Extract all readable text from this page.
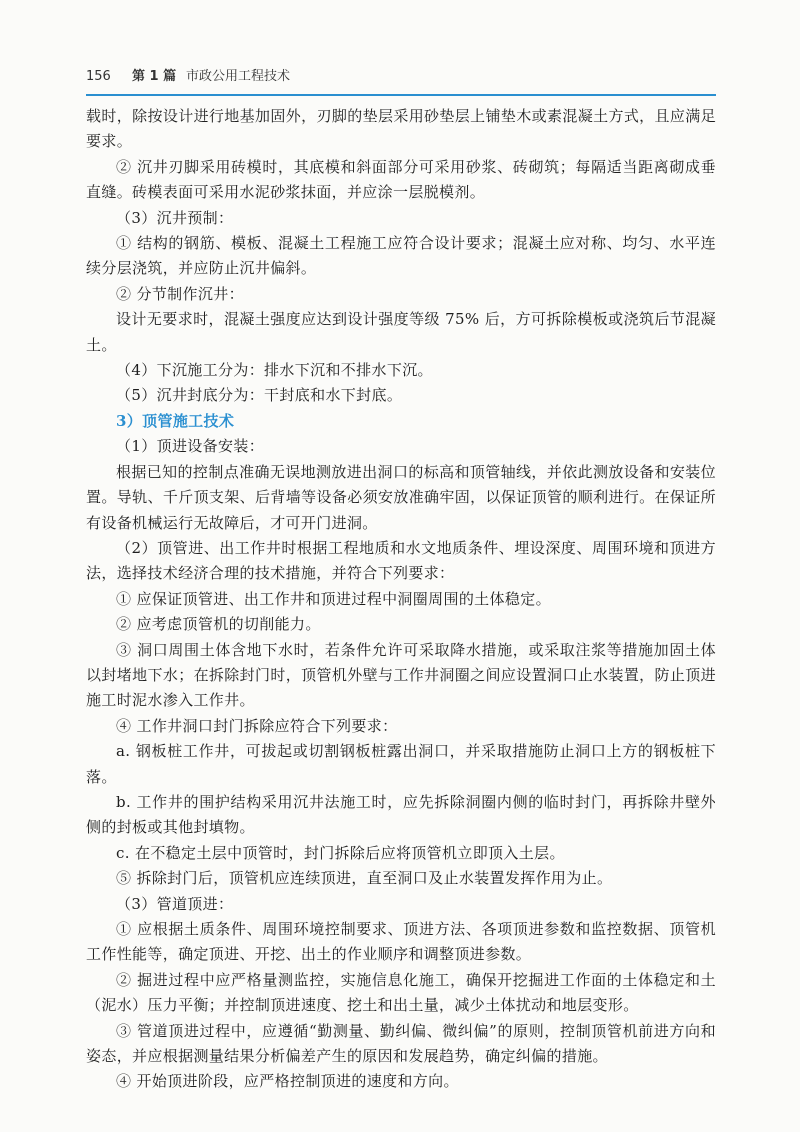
156 第 1 篇 市政公用工程技术

载时，除按设计进行地基加固外，刃脚的垫层采用砂垫层上铺垫木或素混凝土方式，且应满足要求。

② 沉井刃脚采用砖模时，其底模和斜面部分可采用砂浆、砖砌筑；每隔适当距离砌成垂直缝。砖模表面可采用水泥砂浆抹面，并应涂一层脱模剂。

（3）沉井预制：

① 结构的钢筋、模板、混凝土工程施工应符合设计要求；混凝土应对称、均匀、水平连续分层浇筑，并应防止沉井偏斜。

② 分节制作沉井：

设计无要求时，混凝土强度应达到设计强度等级 75% 后，方可拆除模板或浇筑后节混凝土。

（4）下沉施工分为：排水下沉和不排水下沉。

（5）沉井封底分为：干封底和水下封底。

3）顶管施工技术

（1）顶进设备安装：

根据已知的控制点准确无误地测放进出洞口的标高和顶管轴线，并依此测放设备和安装位置。导轨、千斤顶支架、后背墙等设备必须安放准确牢固，以保证顶管的顺利进行。在保证所有设备机械运行无故障后，才可开门进洞。

（2）顶管进、出工作井时根据工程地质和水文地质条件、埋设深度、周围环境和顶进方法，选择技术经济合理的技术措施，并符合下列要求：

① 应保证顶管进、出工作井和顶进过程中洞圈周围的土体稳定。

② 应考虑顶管机的切削能力。

③ 洞口周围土体含地下水时，若条件允许可采取降水措施，或采取注浆等措施加固土体以封堵地下水；在拆除封门时，顶管机外壁与工作井洞圈之间应设置洞口止水装置，防止顶进施工时泥水渗入工作井。

④ 工作井洞口封门拆除应符合下列要求：

a. 钢板桩工作井，可拔起或切割钢板桩露出洞口，并采取措施防止洞口上方的钢板桩下落。

b. 工作井的围护结构采用沉井法施工时，应先拆除洞圈内侧的临时封门，再拆除井壁外侧的封板或其他封填物。

c. 在不稳定土层中顶管时，封门拆除后应将顶管机立即顶入土层。

⑤ 拆除封门后，顶管机应连续顶进，直至洞口及止水装置发挥作用为止。

（3）管道顶进：

① 应根据土质条件、周围环境控制要求、顶进方法、各项顶进参数和监控数据、顶管机工作性能等，确定顶进、开挖、出土的作业顺序和调整顶进参数。

② 掘进过程中应严格量测监控，实施信息化施工，确保开挖掘进工作面的土体稳定和土（泥水）压力平衡；并控制顶进速度、挖土和出土量，减少土体扰动和地层变形。

③ 管道顶进过程中，应遵循“勤测量、勤纠偏、微纠偏”的原则，控制顶管机前进方向和姿态，并应根据测量结果分析偏差产生的原因和发展趋势，确定纠偏的措施。

④ 开始顶进阶段，应严格控制顶进的速度和方向。
